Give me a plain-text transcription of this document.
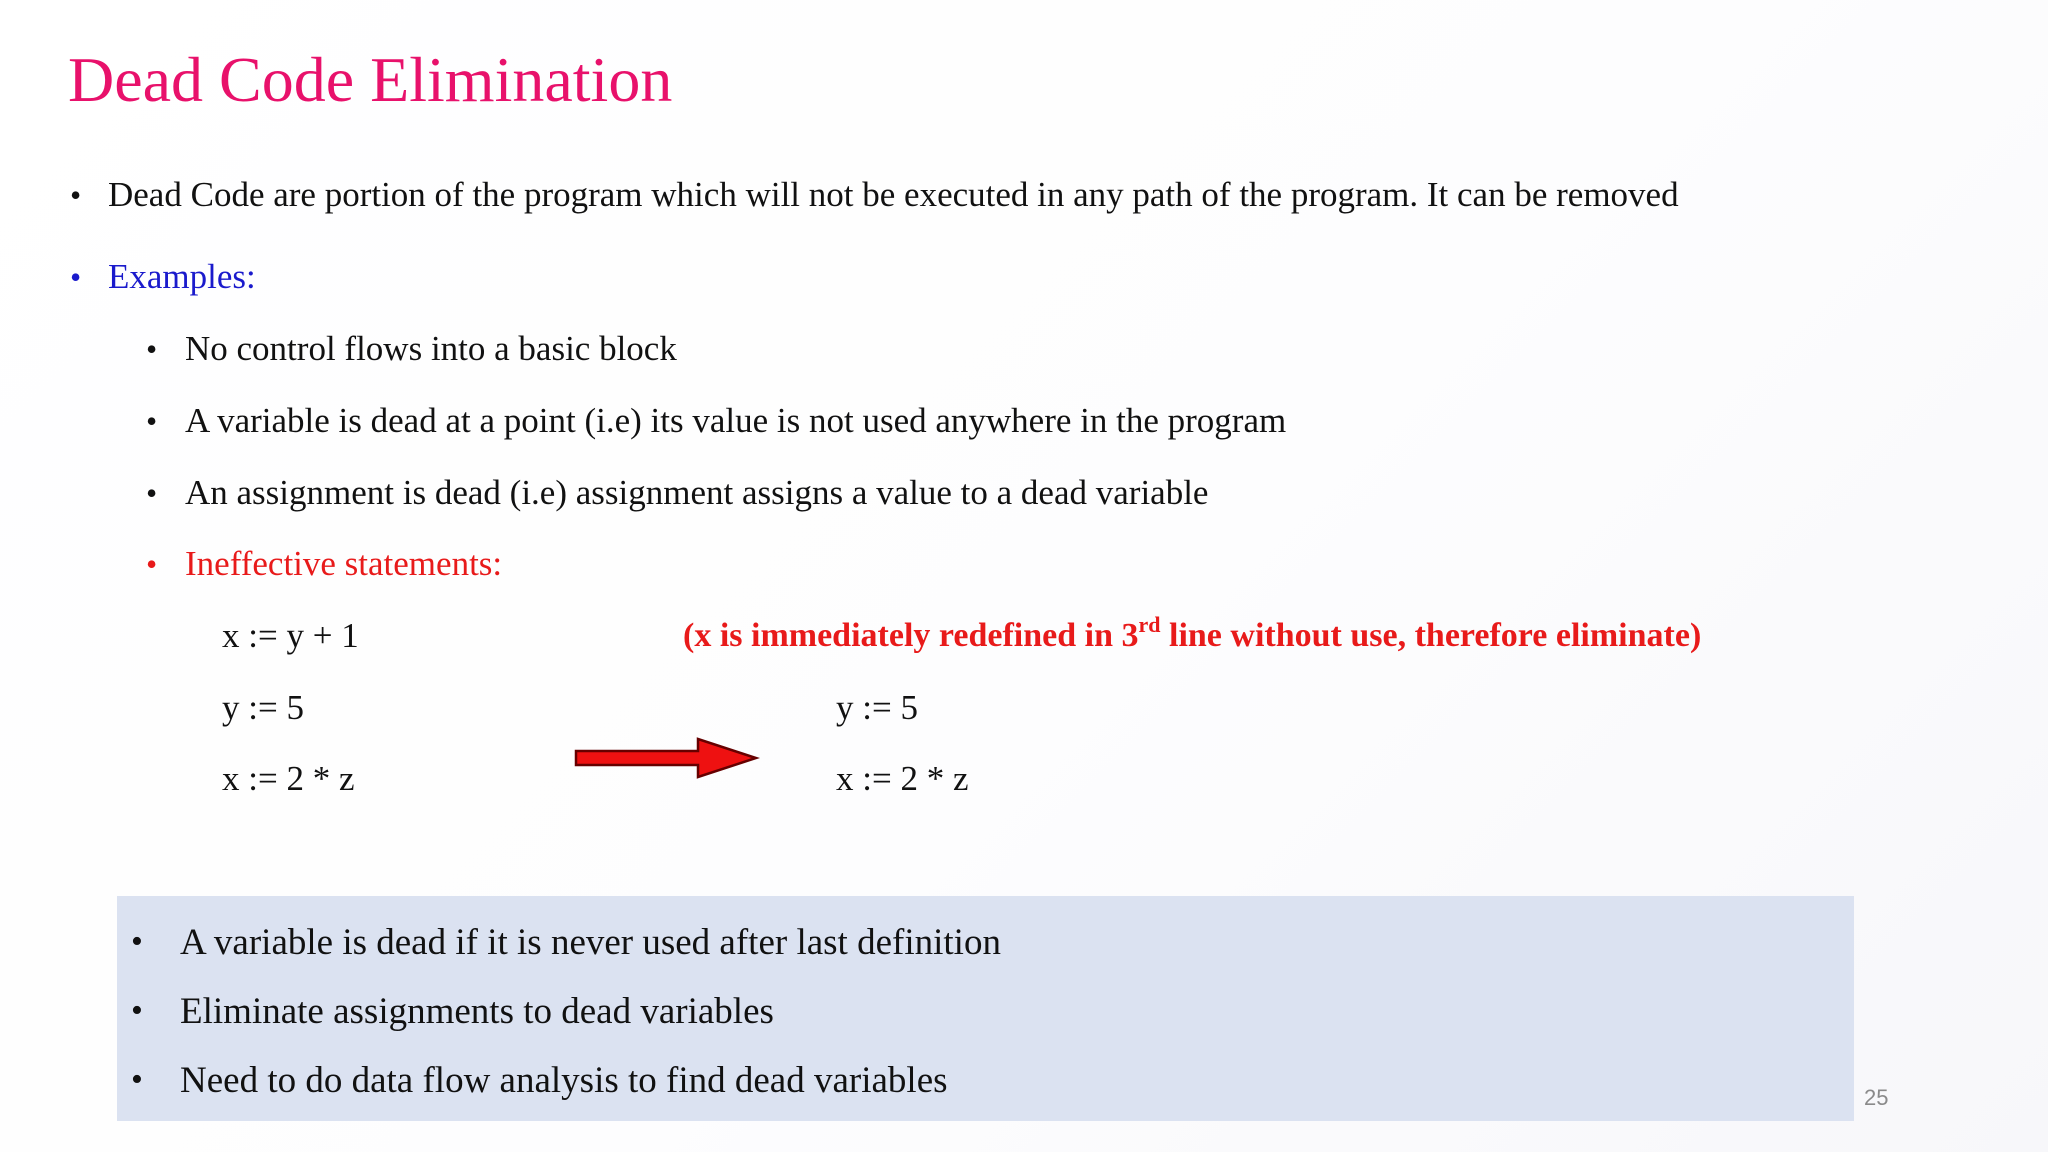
Dead Code Elimination
• Dead Code are portion of the program which will not be executed in any path of the program. It can be removed
• Examples:
• No control flows into a basic block
• A variable is dead at a point (i.e) its value is not used anywhere in the program
• An assignment is dead (i.e) assignment assigns a value to a dead variable
• Ineffective statements:
x := y + 1
y := 5
x := 2 * z
(x is immediately redefined in 3rd line without use, therefore eliminate)
y := 5
x := 2 * z
• A variable is dead if it is never used after last definition
• Eliminate assignments to dead variables
• Need to do data flow analysis to find dead variables	25
